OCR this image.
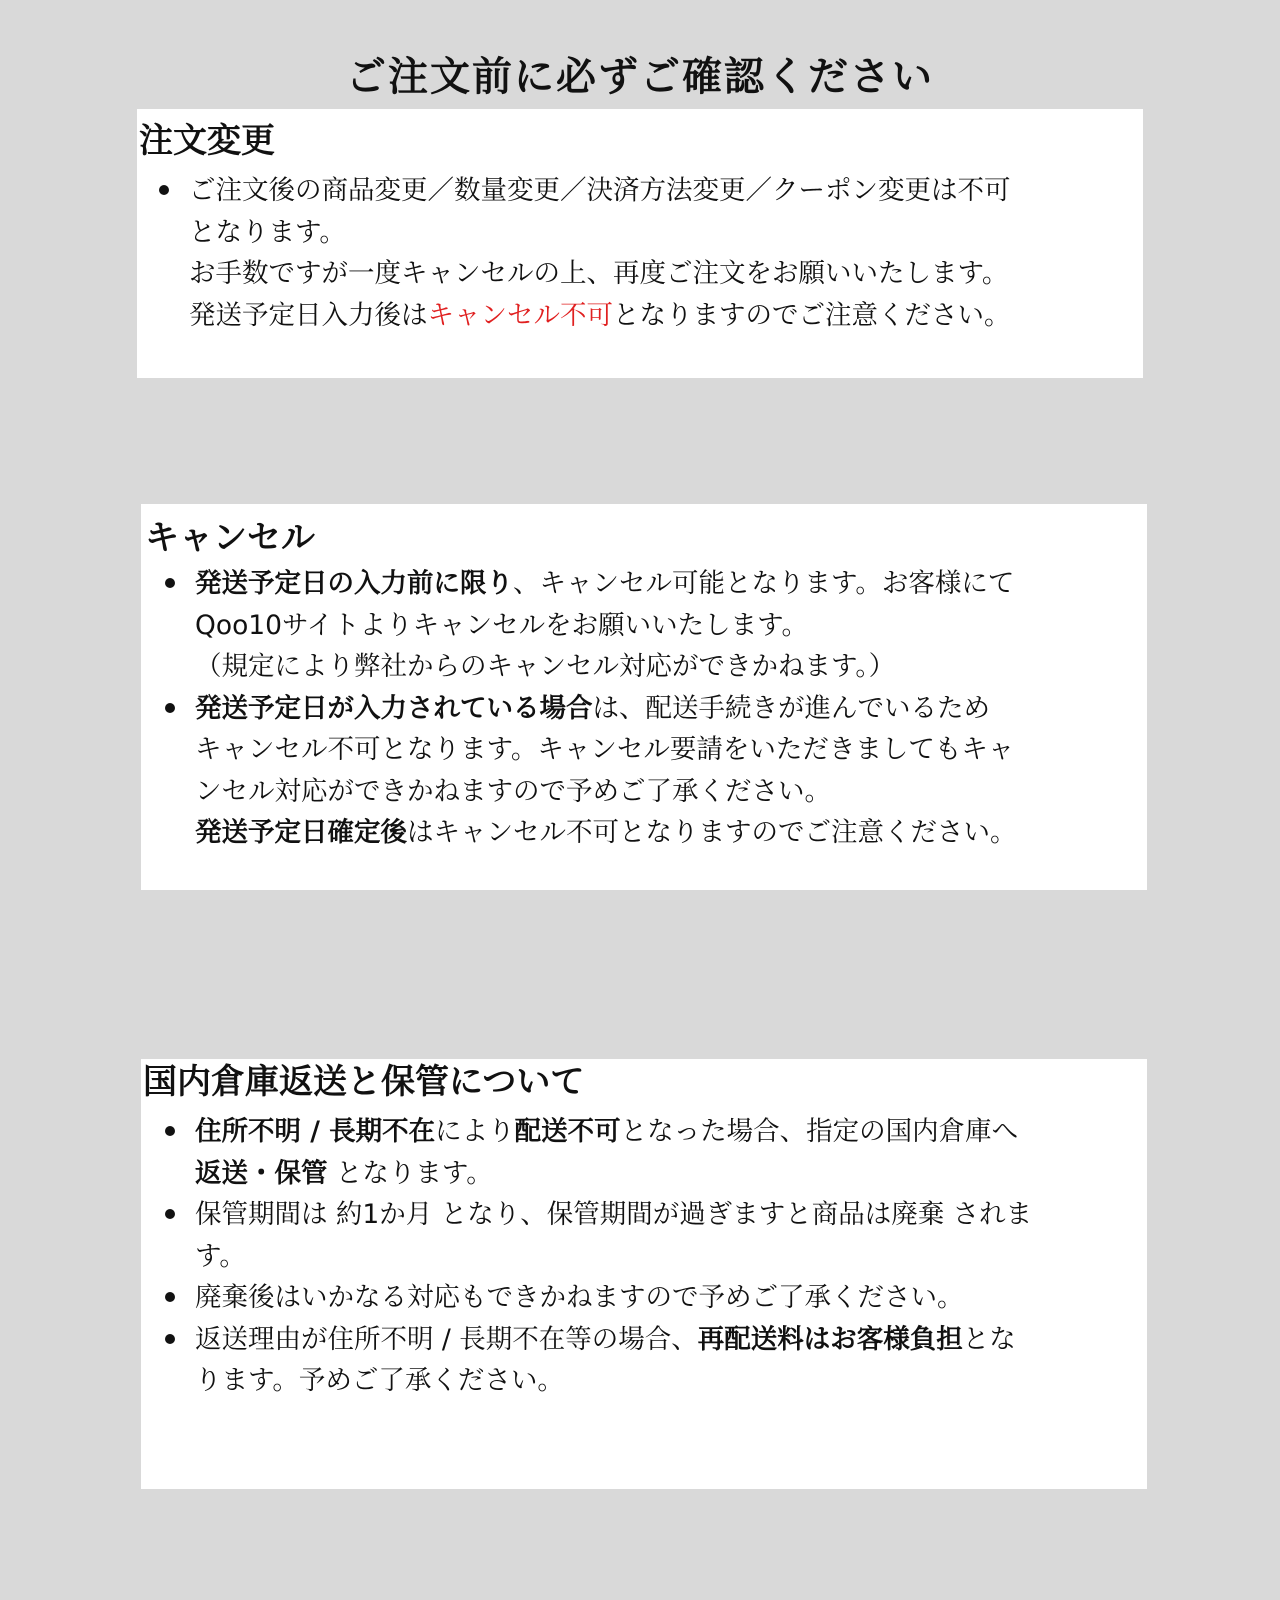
ご注文前に必ずご確認ください
注文変更
ご注文後の商品変更／数量変更／決済方法変更／クーポン変更は不可
となります。
お手数ですが一度キャンセルの上、再度ご注文をお願いいたします。
発送予定日入力後はキャンセル不可となりますのでご注意ください。
キャンセル
発送予定日の入力前に限り、キャンセル可能となります。お客様にて
Qoo10サイトよりキャンセルをお願いいたします。
（規定により弊社からのキャンセル対応ができかねます。）
発送予定日が入力されている場合は、配送手続きが進んでいるため
キャンセル不可となります。キャンセル要請をいただきましてもキャ
ンセル対応ができかねますので予めご了承ください。
発送予定日確定後はキャンセル不可となりますのでご注意ください。
国内倉庫返送と保管について
住所不明 / 長期不在により配送不可となった場合、指定の国内倉庫へ
返送・保管 となります。
保管期間は 約1か月 となり、保管期間が過ぎますと商品は廃棄 されま
す。
廃棄後はいかなる対応もできかねますので予めご了承ください。
返送理由が住所不明 / 長期不在等の場合、再配送料はお客様負担とな
ります。予めご了承ください。
